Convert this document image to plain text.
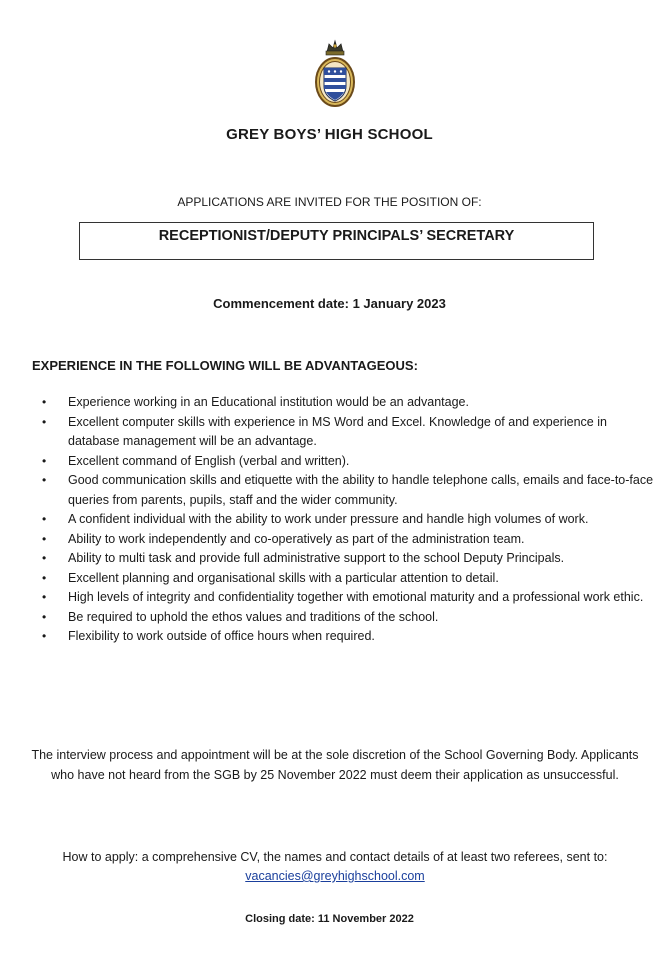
GREY BOYS’ HIGH SCHOOL
APPLICATIONS ARE INVITED FOR THE POSITION OF:
RECEPTIONIST/DEPUTY PRINCIPALS’ SECRETARY
Commencement date: 1 January 2023
EXPERIENCE IN THE FOLLOWING WILL BE ADVANTAGEOUS:
• Experience working in an Educational institution would be an advantage.
• Excellent computer skills with experience in MS Word and Excel. Knowledge of and experience in database management will be an advantage.
• Excellent command of English (verbal and written).
• Good communication skills and etiquette with the ability to handle telephone calls, emails and face-to-face queries from parents, pupils, staff and the wider community.
• A confident individual with the ability to work under pressure and handle high volumes of work.
• Ability to work independently and co-operatively as part of the administration team.
• Ability to multi task and provide full administrative support to the school Deputy Principals.
• Excellent planning and organisational skills with a particular attention to detail.
• High levels of integrity and confidentiality together with emotional maturity and a professional work ethic.
• Be required to uphold the ethos values and traditions of the school.
• Flexibility to work outside of office hours when required.
The interview process and appointment will be at the sole discretion of the School Governing Body. Applicants who have not heard from the SGB by 25 November 2022 must deem their application as unsuccessful.
How to apply: a comprehensive CV, the names and contact details of at least two referees, sent to:
vacancies@greyhighschool.com
Closing date: 11 November 2022
